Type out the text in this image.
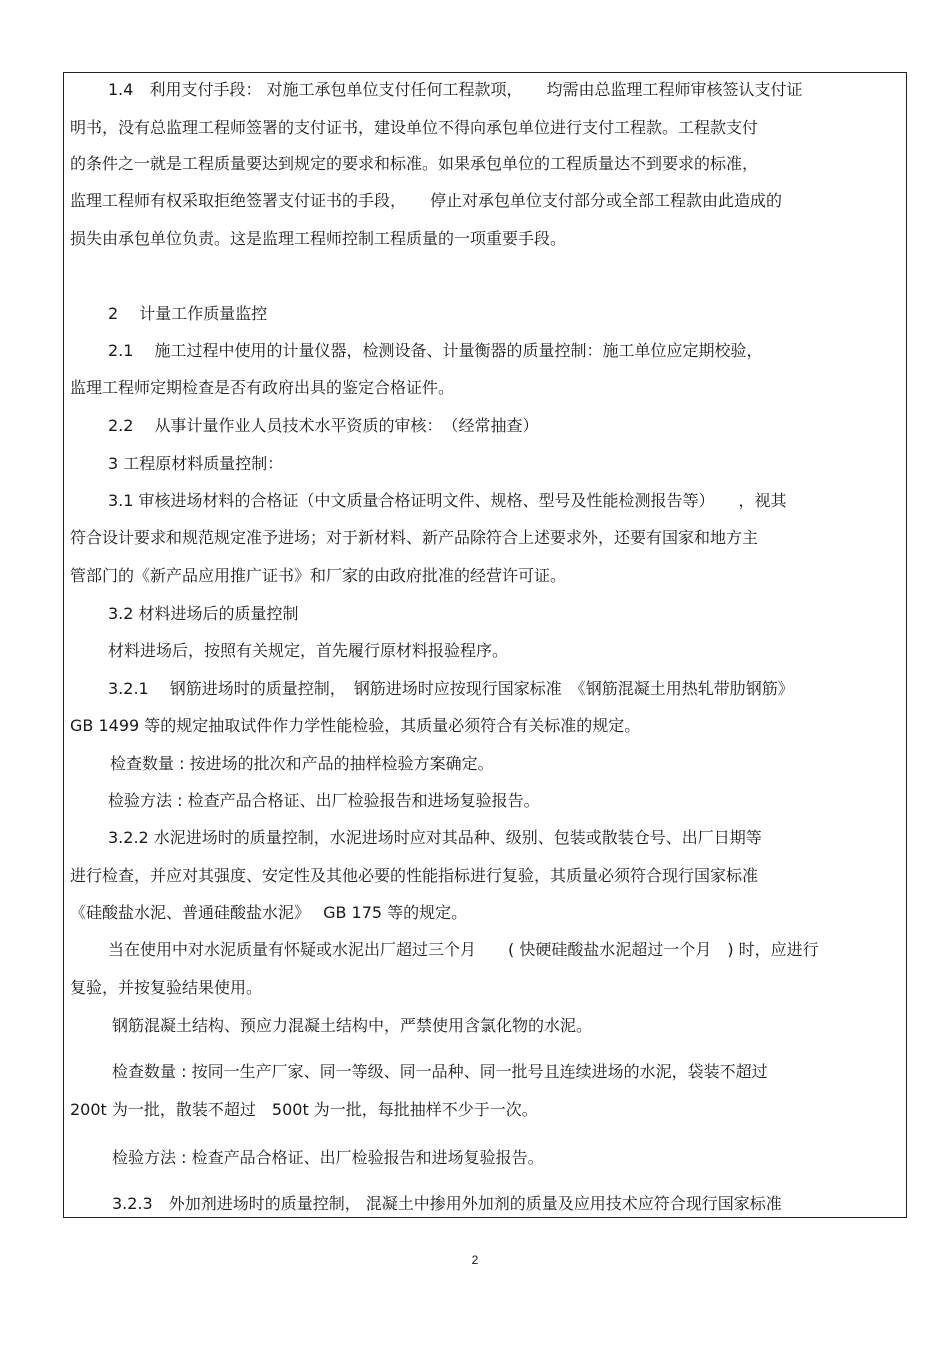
1.4　利用支付手段： 对施工承包单位支付任何工程款项，　　均需由总监理工程师审核签认支付证
明书，没有总监理工程师签署的支付证书，建设单位不得向承包单位进行支付工程款。工程款支付
的条件之一就是工程质量要达到规定的要求和标准。如果承包单位的工程质量达不到要求的标准，
监理工程师有权采取拒绝签署支付证书的手段，　　停止对承包单位支付部分或全部工程款由此造成的
损失由承包单位负责。这是监理工程师控制工程质量的一项重要手段。
2　 计量工作质量监控
2.1　 施工过程中使用的计量仪器，检测设备、计量衡器的质量控制：施工单位应定期校验，
监理工程师定期检查是否有政府出具的鉴定合格证件。
2.2　 从事计量作业人员技术水平资质的审核：　（经常抽查）
3 工程原材料质量控制：
3.1 审核进场材料的合格证（中文质量合格证明文件、规格、型号及性能检测报告等）　　，视其
符合设计要求和规范规定准予进场；对于新材料、新产品除符合上述要求外，还要有国家和地方主
管部门的《新产品应用推广证书》和厂家的由政府批准的经营许可证。
3.2 材料进场后的质量控制
材料进场后，按照有关规定，首先履行原材料报验程序。
3.2.1　 钢筋进场时的质量控制，　钢筋进场时应按现行国家标准　《钢筋混凝土用热轧带肋钢筋》
GB 1499 等的规定抽取试件作力学性能检验，其质量必须符合有关标准的规定。
检查数量 : 按进场的批次和产品的抽样检验方案确定。
检验方法 : 检查产品合格证、出厂检验报告和进场复验报告。
3.2.2 水泥进场时的质量控制，水泥进场时应对其品种、级别、包装或散装仓号、出厂日期等
进行检查，并应对其强度、安定性及其他必要的性能指标进行复验，其质量必须符合现行国家标准
《硅酸盐水泥、普通硅酸盐水泥》　 GB 175 等的规定。
当在使用中对水泥质量有怀疑或水泥出厂超过三个月　　( 快硬硅酸盐水泥超过一个月　) 时，应进行
复验，并按复验结果使用。
钢筋混凝土结构、预应力混凝土结构中，严禁使用含氯化物的水泥。
检查数量 : 按同一生产厂家、同一等级、同一品种、同一批号且连续进场的水泥，袋装不超过
200t 为一批，散装不超过　500t 为一批，每批抽样不少于一次。
检验方法 : 检查产品合格证、出厂检验报告和进场复验报告。
3.2.3　外加剂进场时的质量控制， 混凝土中掺用外加剂的质量及应用技术应符合现行国家标准
2
